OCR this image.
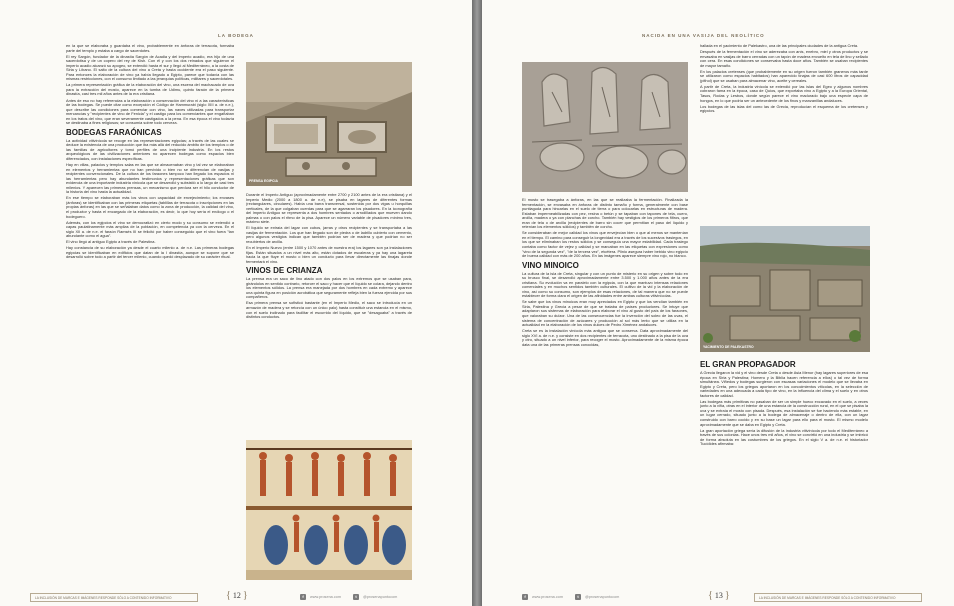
LA BODEGA

en la que se elaboraba y guardaba el vino, probablemente en ánforas de terracota, formaba parte del templo y estaba a cargo de sacerdotes.

El rey Sargón, fundador de la dinastía Sargón de Acadia y del imperio acadio, era hijo de una sacerdotisa y de un copero del rey de Kish. Con él y con los dos reinados que siguieron el imperio acadio alcanzó su apogeo, se extendió hasta el sur y llegó al Mediterráneo, a la costa de Siria y Líbano. El salto de la cultura del vino a Creta y hasta occidente era el paso siguiente. Para entonces la elaboración de vino ya había llegado a Egipto, parece que todavía con las mismas restricciones, con el consumo limitado a las jerarquías políticas, militares y sacerdotales.

La primera representación gráfica de la elaboración del vino, una escena del machacado de uva para la extracción del mosto, aparece en la tumba de Udimu, quinto faraón de la primera dinastía, casi tres mil años antes de la era cristiana.

Antes de eso no hay referencias a la elaboración o conservación del vino ni a las características de las bodegas. Se puede citar como excepción el Código de Hammurabi (siglo XIII a. de n.e.), que describe las condiciones para comerciar con vino, las naves utilizadas para transportar mercancías y "recipientes de vino de Fenicia" y el castigo para los comerciantes que engañaban en los tratos del vino, que eran severamente castigados a la pena. En esa época el vino todavía se destinaba a fines religiosos; se consumía sobre todo cerveza.

BODEGAS FARAÓNICAS

La actividad vitivinícola se recoge en las representaciones egipcias; a través de las cuales se deduce la existencia de una producción que iba más allá del reducido ámbito de los templos o de las familias de agricultores y tomó perfiles de una incipiente industria. En los restos arqueológicos de las civilizaciones anteriores no aparecen bodegas como espacios bien diferenciados, con instalaciones específicas.

Hay en villas, palacios y templos salas en las que se almacenaban vino y tal vez se elaboraban en elementos y herramientas que no han pervivido o bien no se diferencian de vasijas y recipientes convencionales. De la cultura de los faraones tampoco han llegado los espacios ni las herramientas pero hay abundantes testimonios y representaciones gráficas que son evidencia de una importante industria vinícola que se desarrolló y subsistió a lo largo de casi tres milenios. Y aparecen las primeras prensas, un mecanismo que perdura ser el hilo conductor de la historia del vino hasta la actualidad.

En ese tiempo se elaboraban más los vinos con capacidad de envejecimiento; los envases (ánforas) se identificaban con las primeras etiquetas (tablillas de terracota o inscripciones en las propias ánforas) en las que se señalaban datos como la zona de producción, la calidad del vino, el productor y hasta el encargado de la elaboración, es decir, lo que hoy sería el enólogo o el bodeguero.

Además, con los egipcios el vino se democratizó en cierto modo y su consumo se extendió a capas paulatinamente más amplias de la población, en competencia ya con la cerveza. En el siglo XII a. de n.e. el faraón Ramsés III se felicitó por haber conseguido que el vino fuera "tan abundante como el agua".

El vino llegó al antiguo Egipto a través de Palestina.

Hay constancia de su elaboración ya desde el cuarto milenio a. de n.e. Las primeras bodegas egipcias se identificaban en edificios que datan de la I dinastía, aunque se supone que se desarrolló sobre todo a partir del tercer milenio, cuando quedó desplazado de su carácter ritual.

PRENSA EGIPCIA

Durante el Imperio Antiguo (aproximadamente entre 2700 y 2100 antes de la era cristiana) y el Imperio Medio (2000 a 1800 a. de n.e), se pisaba en lagares de diferentes formas (rectangulares, circulares). Había una barra transversal, sostenida por dos vigas u horquillas verticales, de la que colgaban cuerdas para que se agarraran los pisadores. En la iconografía del Imperio Antiguo se representa a dos hombres sentados o arrodillados que mueven dando palmas o con palos el ritmo de la pisa. Aparece un número variable de pisadores mínimo tres, máximo siete.

El líquido se extraía del lagar con cubos, jarras y otros recipientes y se transportaba a las vasijas de fermentación. Los que han llegado son de piedra o de ladrillo cubierto con cemento, pero algunos vestigios indican que también podrían ser de madera y que podrían no ser recubiertos de arcilla.

En el Imperio Nuevo (entre 1500 y 1070 antes de nuestra era) los lagares son ya instalaciones fijas. Están situados a un nivel más alto, están dotados de escaleras y ya hay una lagareta hacia la que fluye el mosto o bien un conducto para llevar directamente las tinajas donde fermentará el vino.

VINOS DE CRIANZA

La prensa era un saco de lino atado con dos palos en los extremos que se usaban para, girándolos en sentido contrario, retorcer el saco y hacer que el líquido se colara, dejando dentro los elementos sólidos. La prensa era manejada por dos hombres en cada extremo y aparece una quinta figura en posición acrobática que seguramente refleja bien la fuerza ejercida por sus compañeros.

Esa primera prensa se sofisticó bastante (en el Imperio Medio, el saco se introducía en un armazón de madera y se retorcía con un único palo) hasta constituir una estancia en el mismo, con el suelo inclinado para facilitar el escurrido del líquido, que se "desaguaba" a través de distintos conductos.

LA INCLUSIÓN DE MARCAS E IMÁGENES RESPONDE SÓLO A CONTENIDO INFORMATIVO	{ 12 }	f	www.prosena.com	t	@prosenapuntocom
NACIDA EN UNA VASIJA DEL NEOLÍTICO

El mosto se trasegaba a ánforas, en las que se realizaba la fermentación. Finalizada la fermentación, se envasaba en ánforas de distinto tamaño y forma, generalmente con base puntiaguda para hincarlas en el suelo de tierra o para colocarlas en estructuras de madera. Estaban impermeabilizadas con pez, resina o betún y se tapaban con tapones de tela, cuero, arcilla, madera o ya con planchas de corcho. También hay vestigios de los primeros filtros, que eran de tela o de arcilla (recipientes de barro sin cocer que permitían el paso del líquido y retenían los elementos sólidos) y también de corcho.

Se consideraban de mejor calidad los vinos que envejecían bien o que al menos se mantenían en el tiempo. El camino para conseguir la longevidad era a través de los sucesivos trasiegos, en los que se eliminaban los restos sólidos y se conseguía una mayor estabilidad. Cada trasiego contaba como factor de vejez y calidad y se marcaban en las etiquetas con expresiones como "vino de la segunda vez", "de la tercera vez", etcétera. Plinio asegura haber bebido vino egipcio de buena calidad con más de 200 años. En las imágenes aparece siempre vino rojo, no blanco.

VINO MINOICO

La cultura de la isla de Creta, singular y con un punto de misterio en su origen y sobre todo en su brusco final, se desarrolló aproximadamente entre 3.500 y 1.000 años antes de la era cristiana. Su evolución va en paralelo con la egipcia, con la que mantuvo intensas relaciones comerciales y en muchos sentidos también culturales. El cultivo de la vid y la elaboración de vino, así como su consumo, son ejemplos de esas relaciones, de tal manera que no se puede establecer de forma clara el origen de las afinidades entre ambas culturas vitivinícolas.

Se sabe que los vinos minoicos eran muy apreciados en Egipto y que los vendían también en Siria, Palestina y Grecia a pesar de que se trataba de países productores. Se intuye que adaptaron sus sistemas de elaboración para elaborar el vino al gusto del país de los faraones, que valoraban su dulzor. Una de las consecuencias fue la invención del soleo de las uvas, el sistema de concentración de azúcares y producción al sol más lento que se utiliza en la actualidad en la elaboración de los vinos dulces de Pedro Ximénez andaluces.

Creta se es la instalación vinícola más antigua que se conserva. Data aproximadamente del siglo XVI a. de n.e. y consiste en dos recipientes de terracota, uno destinado a la pisa de la uva y otro, situado a un nivel inferior, para recoger el mosto. Aproximadamente de la misma época data una de las primeras prensas conocidas,

hallada en el yacimiento de Palekastro, una de las principales ciudades de la antigua Creta.

Después de la fermentación el vino se aderezaba con anís, enebro, miel y otros productos y se envasaba en vasijas de barro cerradas con un tapón de madera envuelto en tela de lino y sellado con cera. En esas condiciones se conservaba hasta doce años. También se usaban recipientes de mayor tamaño.

En los palacios cretenses (que probablemente en su origen fueron también graneros más tarde se utilizaron como espacios habitados) han aparecido tinajas de casi 600 litros de capacidad (pithoi) que se usaban para almacenar vino, aceite y cereales.

A partir de Creta, la industria vinícola se extendió por las islas del Egeo y algunos nombres cobraron fama en la época, caso de Quíos, que exportaba vino a Egipto y a la Europa Oriental, Tasos, Rodas y Lesbos, donde según parece el vino madurado bajo una especie capa de hongos, en lo que podría ser un antecedente de los finos y manzanillas andaluces.

Los bodegas de las islas del como las de Grecia, reproducían el esquema de los cretenses y egipcios.

YACIMIENTO DE PALEKASTRO
EL GRAN PROPAGADOR

A Grecia llegaron la vid y el vino desde Creta o desde Asia Menor (hay lagares superiores de esa época en Siria y Palestina; Homero y la Biblia hacen referencia a ellos) o tal vez de forma simultánea. Viñedos y bodegas surgieron con escasas variaciones el modelo que se llevaba en Egipto y Creta, pero los griegos aportaron en los conocimientos vitícolas, en la selección de variedades en una adecuada a cada tipo de vino, en la influencia del clima y el suelo y en otros factores de calidad.

Las bodegas más primitivas no pasaban de ser un simple hueco excavado en el suelo, a veces junto a la viña, otras en el interior de una estancia de la construcción rural, en el que se pisaba la uva y se extraía el mosto con pisada. Después, esa instalación se fue haciendo más estable, en un lugar cerrado, situado junto a la bodega de almacenaje o dentro de ella, con un lagar construido con barro cocido y en su base un lagar para ello para el mosto. El mismo modelo aproximadamente que se daba en Egipto y Creta.

La gran aportación griega sería la difusión de la industria vitivinícola por todo el Mediterráneo a través de sus colonias. Hace unos tres mil años, el vino se convirtió en una industria y se imbricó de forma absoluta en las costumbres de los griegos. En el siglo V a. de n.e. el historiador Tucídides afirmaba:

f	www.prosena.com	t	@prosenapuntocom	{ 13 }	LA INCLUSIÓN DE MARCAS E IMÁGENES RESPONDE SÓLO A CONTENIDO INFORMATIVO
